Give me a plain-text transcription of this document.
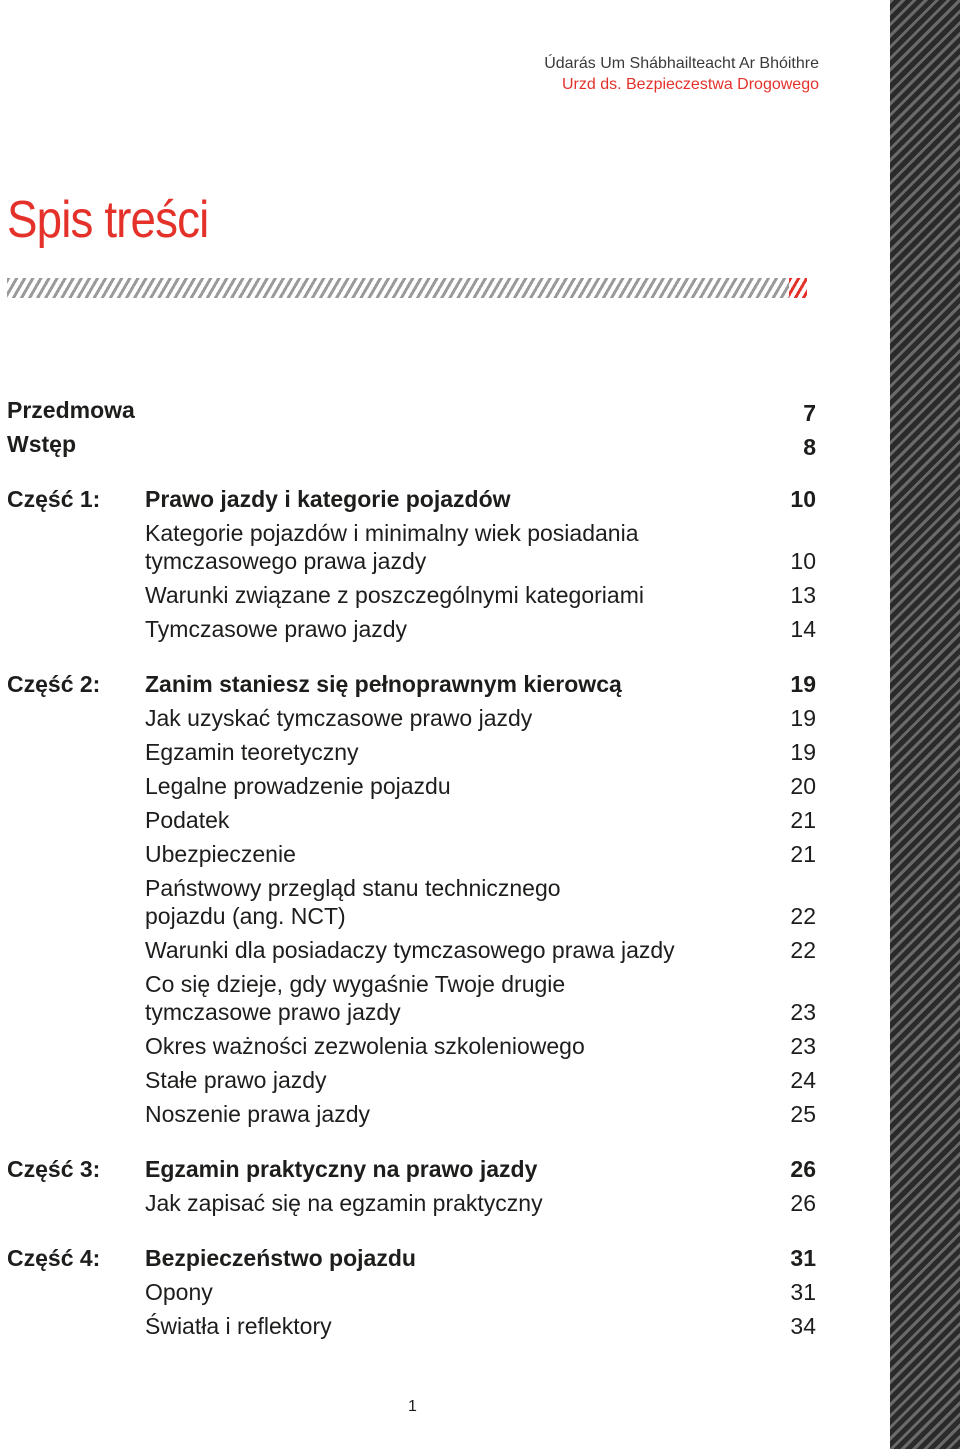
Údarás Um Shábhailteacht Ar Bhóithre
Urzd ds. Bezpieczestwa Drogowego
Spis treści
Przedmowa	7
Wstęp	8
Część 1: Prawo jazdy i kategorie pojazdów	10
Kategorie pojazdów i minimalny wiek posiadania tymczasowego prawa jazdy	10
Warunki związane z poszczególnymi kategoriami	13
Tymczasowe prawo jazdy	14
Część 2: Zanim staniesz się pełnoprawnym kierowcą	19
Jak uzyskać tymczasowe prawo jazdy	19
Egzamin teoretyczny	19
Legalne prowadzenie pojazdu	20
Podatek	21
Ubezpieczenie	21
Państwowy przegląd stanu technicznego pojazdu (ang. NCT)	22
Warunki dla posiadaczy tymczasowego prawa jazdy	22
Co się dzieje, gdy wygaśnie Twoje drugie tymczasowe prawo jazdy	23
Okres ważności zezwolenia szkoleniowego	23
Stałe prawo jazdy	24
Noszenie prawa jazdy	25
Część 3: Egzamin praktyczny na prawo jazdy	26
Jak zapisać się na egzamin praktyczny	26
Część 4: Bezpieczeństwo pojazdu	31
Opony	31
Światła i reflektory	34
1
